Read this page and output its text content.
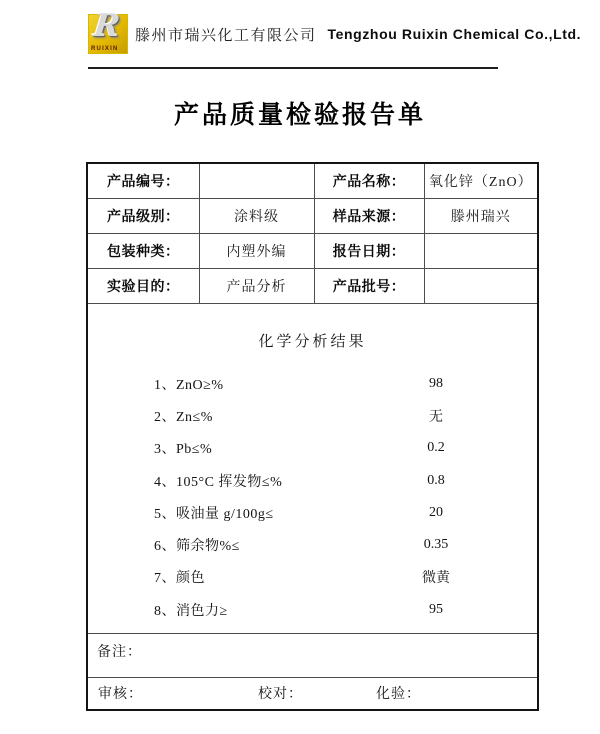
R
RUIXIN
滕州市瑞兴化工有限公司 Tengzhou Ruixin Chemical Co.,Ltd.
产品质量检验报告单
产品编号：		产品名称：	氧化锌（ZnO）
产品级别：	涂料级	样品来源：	滕州瑞兴
包装种类：	内塑外编	报告日期：	
实验目的：	产品分析	产品批号：	

化学分析结果
1、ZnO≥%	98
2、Zn≤%	无
3、Pb≤%	0.2
4、105°C 挥发物≤%	0.8
5、吸油量 g/100g≤	20
6、筛余物%≤	0.35
7、颜色	微黄
8、消色力≥	95

备注：			

审核： 校对： 化验：			
